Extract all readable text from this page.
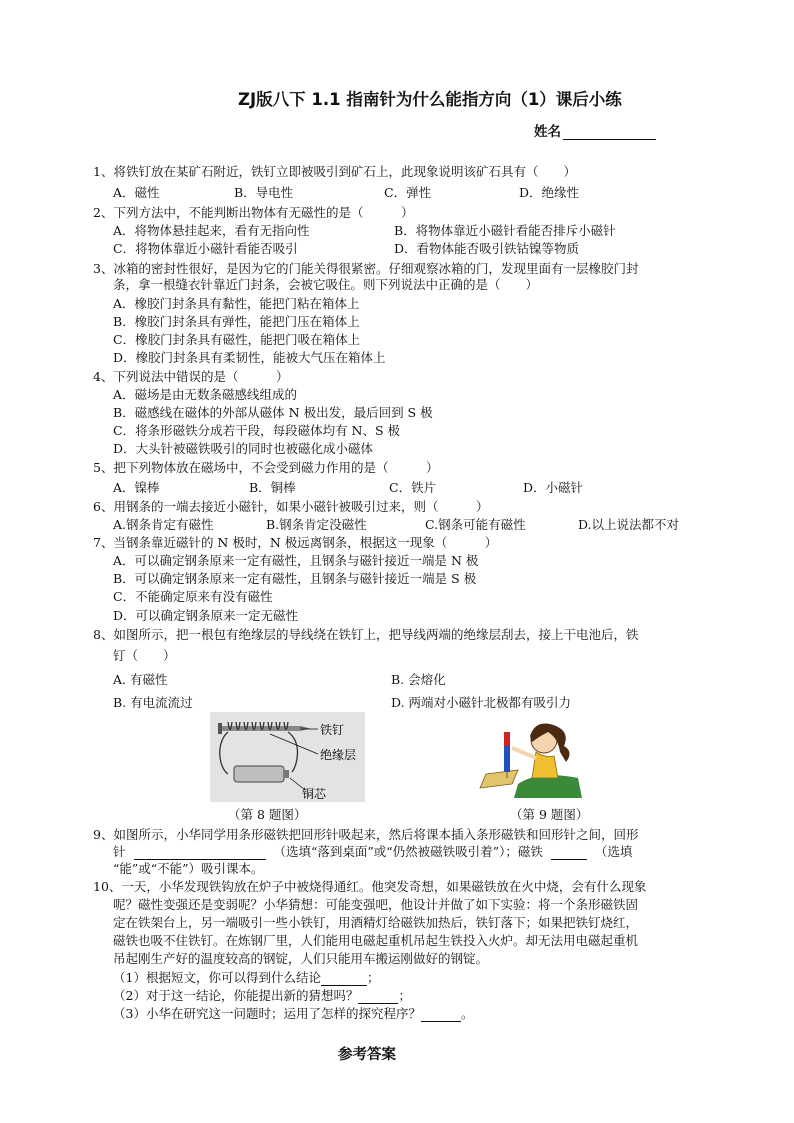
ZJ版八下 1.1 指南针为什么能指方向（1）课后小练
姓名
1、将铁钉放在某矿石附近，铁钉立即被吸引到矿石上，此现象说明该矿石具有（　　）
A．磁性	B．导电性	C．弹性	D．绝缘性
2、下列方法中，不能判断出物体有无磁性的是（　　　）
A．将物体悬挂起来，看有无指向性	B．将物体靠近小磁针看能否排斥小磁针
C．将物体靠近小磁针看能否吸引	D．看物体能否吸引铁钴镍等物质
3、冰箱的密封性很好，是因为它的门能关得很紧密。仔细观察冰箱的门，发现里面有一层橡胶门封
条，拿一根缝衣针靠近门封条，会被它吸住。则下列说法中正确的是（　　）
A．橡胶门封条具有黏性，能把门粘在箱体上
B．橡胶门封条具有弹性，能把门压在箱体上
C．橡胶门封条具有磁性，能把门吸在箱体上
D．橡胶门封条具有柔韧性，能被大气压在箱体上
4、下列说法中错误的是（　　　）
A．磁场是由无数条磁感线组成的
B．磁感线在磁体的外部从磁体 N 极出发，最后回到 S 极
C．将条形磁铁分成若干段，每段磁体均有 N、S 极
D．大头针被磁铁吸引的同时也被磁化成小磁体
5、把下列物体放在磁场中，不会受到磁力作用的是（　　　）
A．镍棒	B．铜棒	C．铁片	D．小磁针
6、用钢条的一端去接近小磁针，如果小磁针被吸引过来，则（　　　）
A.钢条肯定有磁性	B.钢条肯定没磁性	C.钢条可能有磁性	D.以上说法都不对
7、当钢条靠近磁针的 N 极时，N 极远离钢条，根据这一现象（　　　）
A．可以确定钢条原来一定有磁性，且钢条与磁针接近一端是 N 极
B．可以确定钢条原来一定有磁性，且钢条与磁针接近一端是 S 极
C．不能确定原来有没有磁性
D．可以确定钢条原来一定无磁性
8、如图所示，把一根包有绝缘层的导线绕在铁钉上，把导线两端的绝缘层刮去，接上干电池后，铁
钉（　　）
A. 有磁性	B. 会熔化
B. 有电流流过	D. 两端对小磁针北极都有吸引力
铁钉
绝缘层
铜芯
（第 8 题图）	（第 9 题图）
9、如图所示，小华同学用条形磁铁把回形针吸起来，然后将课本插入条形磁铁和回形针之间，回形
针	（选填“落到桌面”或“仍然被磁铁吸引着”）；磁铁	（选填
“能”或“不能”）吸引课本。
10、一天，小华发现铁钩放在炉子中被烧得通红。他突发奇想，如果磁铁放在火中烧，会有什么现象
呢？磁性变强还是变弱呢？小华猜想：可能变强吧，他设计并做了如下实验：将一个条形磁铁固
定在铁架台上，另一端吸引一些小铁钉，用酒精灯给磁铁加热后，铁钉落下；如果把铁钉烧红，
磁铁也吸不住铁钉。在炼钢厂里，人们能用电磁起重机吊起生铁投入火炉。却无法用电磁起重机
吊起刚生产好的温度较高的钢锭，人们只能用车搬运刚做好的钢锭。
（1）根据短文，你可以得到什么结论	；
（2）对于这一结论，你能提出新的猜想吗？	；
（3）小华在研究这一问题时；运用了怎样的探究程序？	。
参考答案
